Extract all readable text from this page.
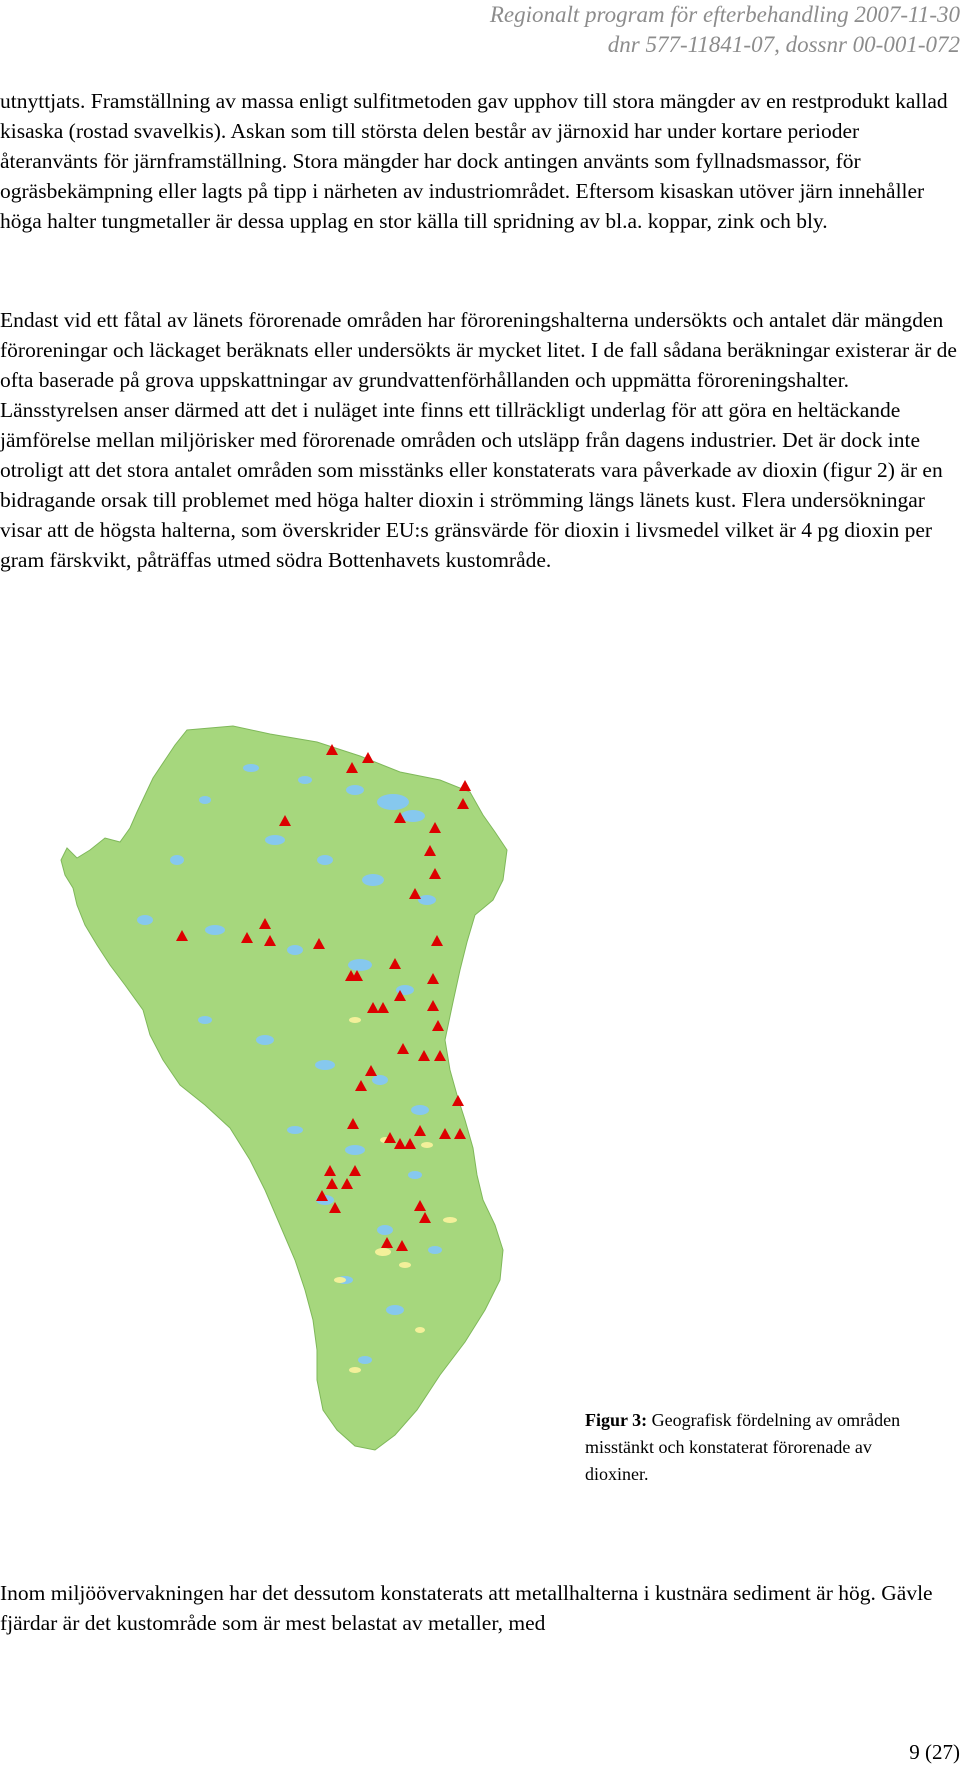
Regionalt program för efterbehandling 2007-11-30
dnr 577-11841-07, dossnr 00-001-072

utnyttjats. Framställning av massa enligt sulfitmetoden gav upphov till stora mängder av en restprodukt kallad kisaska (rostad svavelkis). Askan som till största delen består av järnoxid har under kortare perioder återanvänts för järnframställning. Stora mängder har dock antingen använts som fyllnadsmassor, för ogräsbekämpning eller lagts på tipp i närheten av industriområdet. Eftersom kisaskan utöver järn innehåller höga halter tungmetaller är dessa upplag en stor källa till spridning av bl.a. koppar, zink och bly.

Endast vid ett fåtal av länets förorenade områden har föroreningshalterna undersökts och antalet där mängden föroreningar och läckaget beräknats eller undersökts är mycket litet. I de fall sådana beräkningar existerar är de ofta baserade på grova uppskattningar av grundvattenförhållanden och uppmätta föroreningshalter. Länsstyrelsen anser därmed att det i nuläget inte finns ett tillräckligt underlag för att göra en heltäckande jämförelse mellan miljörisker med förorenade områden och utsläpp från dagens industrier. Det är dock inte otroligt att det stora antalet områden som misstänks eller konstaterats vara påverkade av dioxin (figur 2) är en bidragande orsak till problemet med höga halter dioxin i strömming längs länets kust. Flera undersökningar visar att de högsta halterna, som överskrider EU:s gränsvärde för dioxin i livsmedel vilket är 4 pg dioxin per gram färskvikt, påträffas utmed södra Bottenhavets kustområde.

Figur 3: Geografisk fördelning av områden misstänkt och konstaterat förorenade av dioxiner.

Inom miljöövervakningen har det dessutom konstaterats att metallhalterna i kustnära sediment är hög. Gävle fjärdar är det kustområde som är mest belastat av metaller, med

9 (27)
